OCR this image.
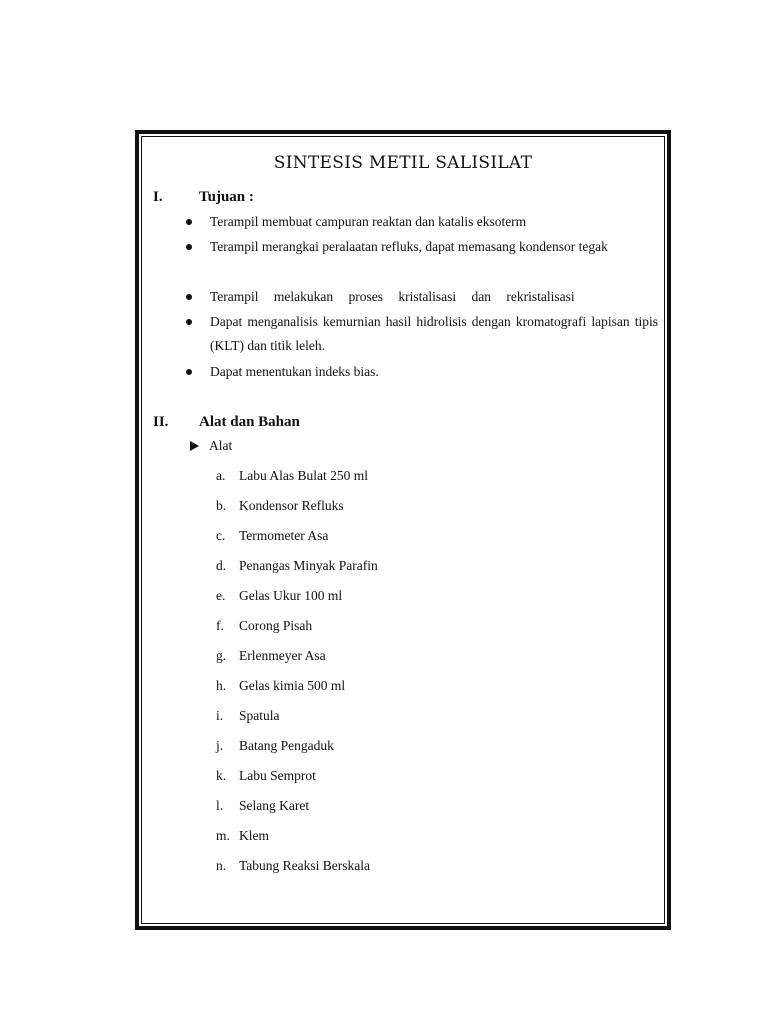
SINTESIS METIL SALISILAT
I. Tujuan :
Terampil membuat campuran reaktan dan katalis eksoterm
Terampil merangkai peralaatan refluks, dapat memasang kondensor tegak
Terampil melakukan proses kristalisasi dan rekristalisasi
Dapat menganalisis kemurnian hasil hidrolisis dengan kromatografi lapisan tipis (KLT) dan titik leleh.
Dapat menentukan indeks bias.
II. Alat dan Bahan
Alat
a. Labu Alas Bulat 250 ml
b. Kondensor Refluks
c. Termometer Asa
d. Penangas Minyak Parafin
e. Gelas Ukur 100 ml
f. Corong Pisah
g. Erlenmeyer Asa
h. Gelas kimia 500 ml
i. Spatula
j. Batang Pengaduk
k. Labu Semprot
l. Selang Karet
m. Klem
n. Tabung Reaksi Berskala
